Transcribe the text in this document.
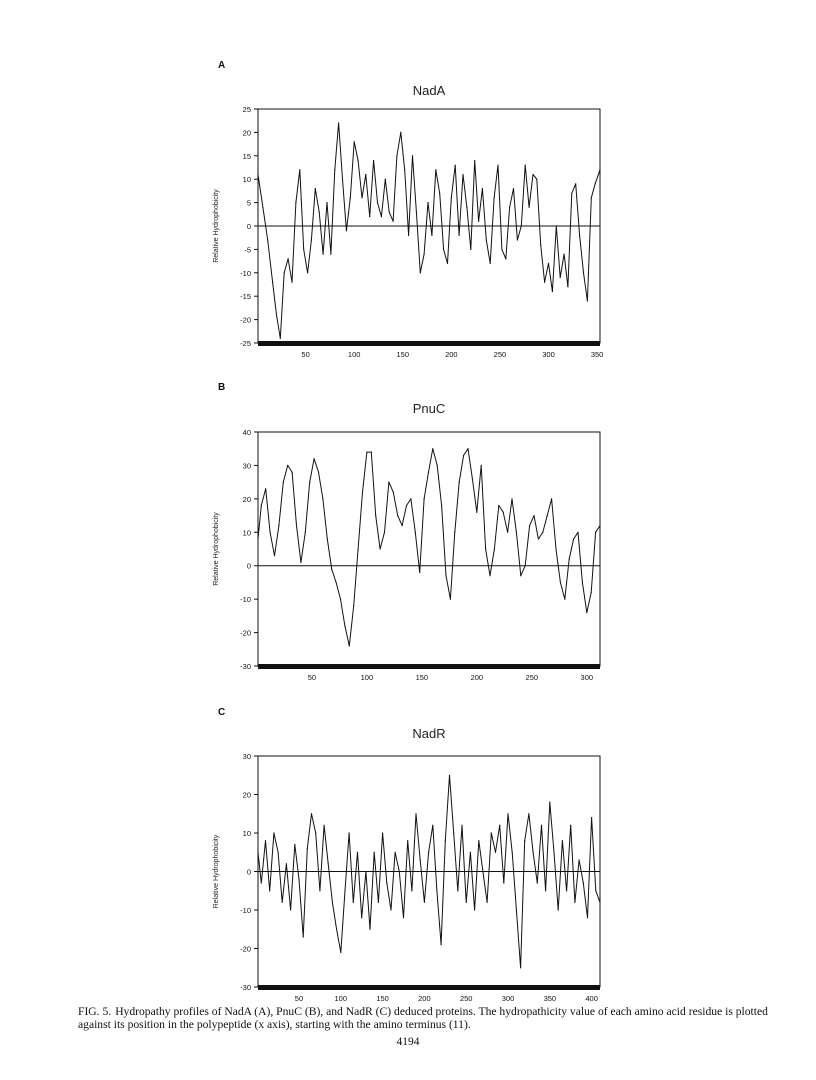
A
NadA
Relative Hydrophobicity
-25
-20
-15
-10
-5
0
5
10
15
20
25
50	100	150	200	250	300	350
B
PnuC
Relative Hydrophobicity
-30
-20
-10
0
10
20
30
40
50	100	150	200	250	300
C
NadR
Relative Hydrophobicity
-30
-20
-10
0
10
20
30
50	100	150	200	250	300	350	400
FIG. 5. Hydropathy profiles of NadA (A), PnuC (B), and NadR (C) deduced proteins. The hydropathicity value of each amino acid residue is plotted against its position in the polypeptide (x axis), starting with the amino terminus (11).
4194
